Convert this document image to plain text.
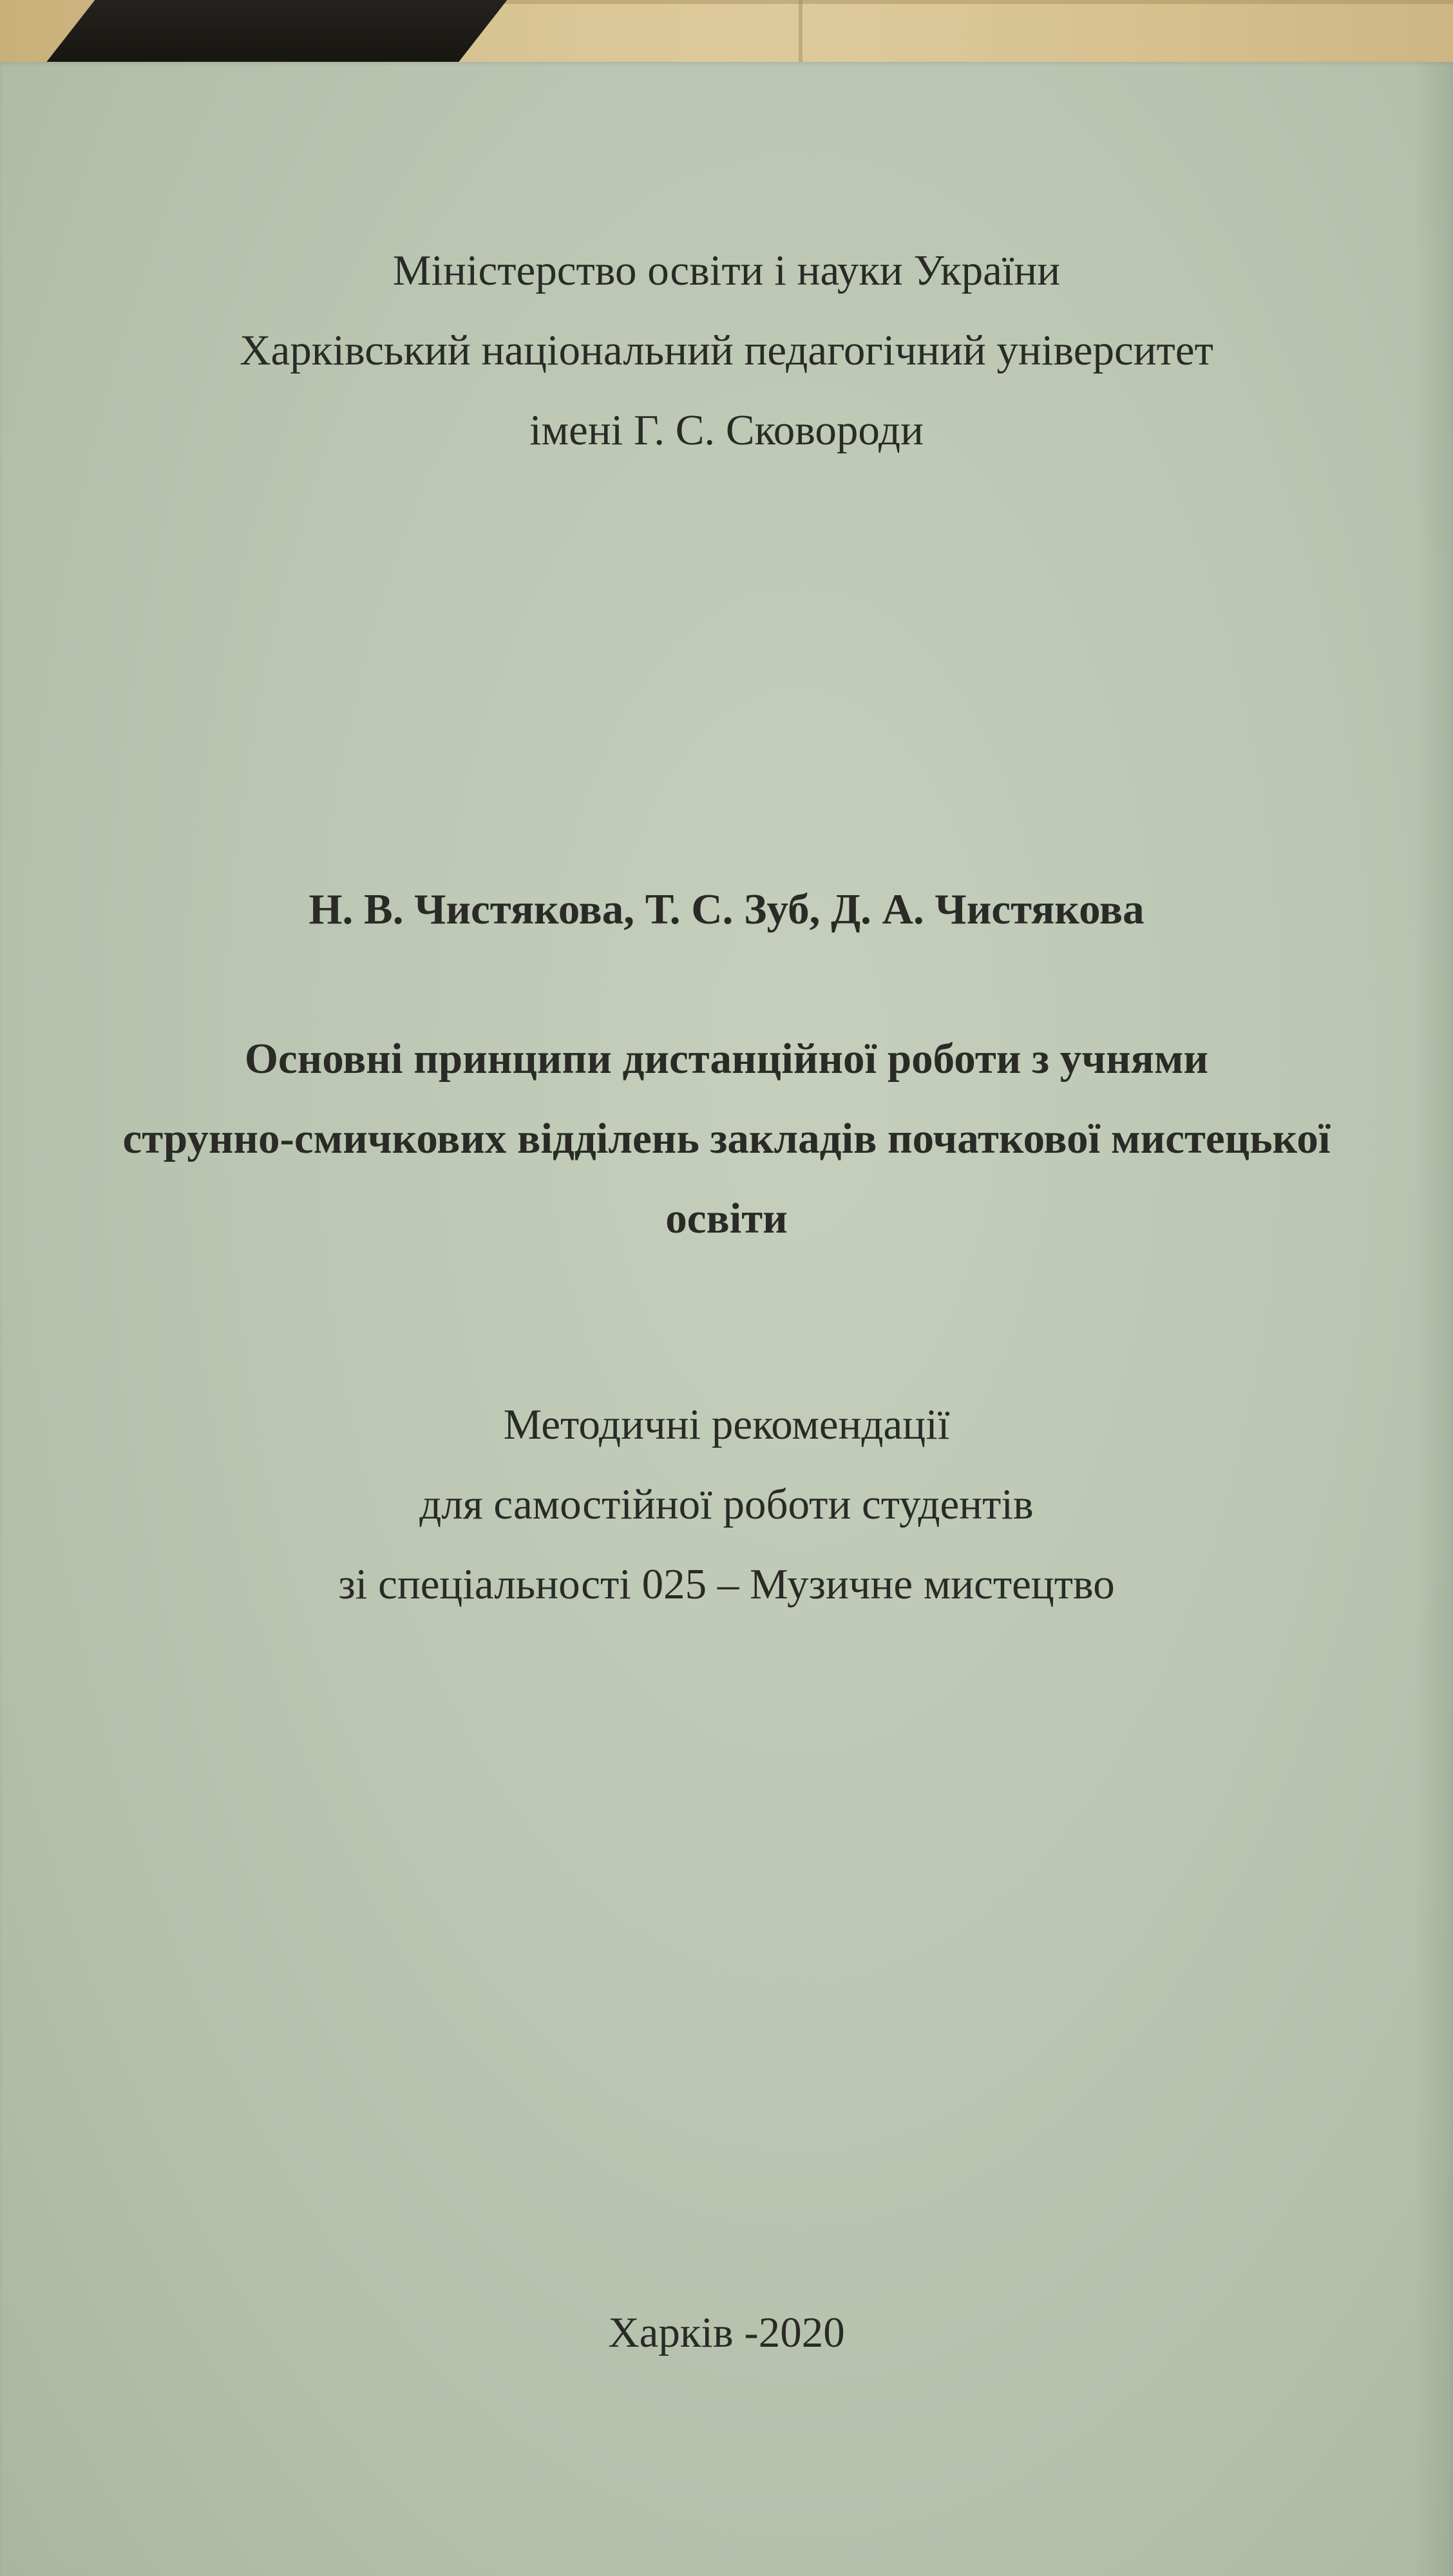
Міністерство освіти і науки України
Харківський національний педагогічний університет
імені Г. С. Сковороди
Н. В. Чистякова, Т. С. Зуб, Д. А. Чистякова
Основні принципи дистанційної роботи з учнями
струнно-смичкових відділень закладів початкової мистецької
освіти
Методичні рекомендації
для самостійної роботи студентів
зі спеціальності 025 – Музичне мистецтво
Харків -2020
